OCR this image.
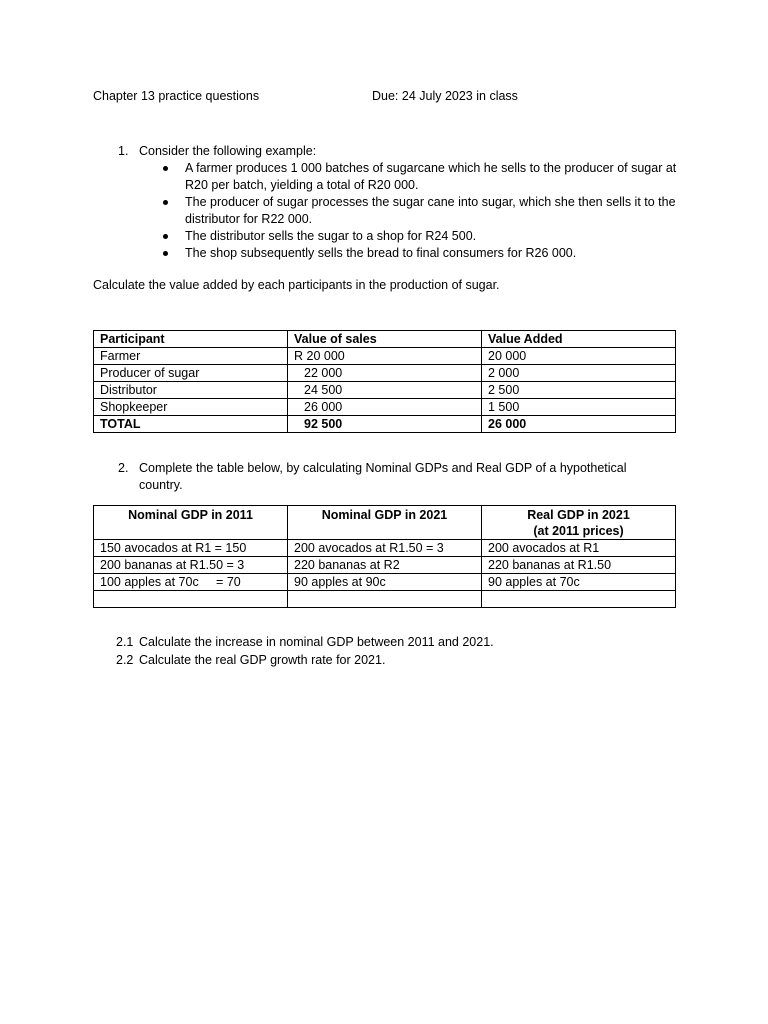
Chapter 13 practice questions	Due: 24 July 2023 in class
1. Consider the following example:
A farmer produces 1 000 batches of sugarcane which he sells to the producer of sugar at R20 per batch, yielding a total of R20 000.
The producer of sugar processes the sugar cane into sugar, which she then sells it to the distributor for R22 000.
The distributor sells the sugar to a shop for R24 500.
The shop subsequently sells the bread to final consumers for R26 000.
Calculate the value added by each participants in the production of sugar.
Participant	Value of sales	Value Added
Farmer	R 20 000	20 000
Producer of sugar	22 000	2 000
Distributor	24 500	2 500
Shopkeeper	26 000	1 500
TOTAL	92 500	26 000
2. Complete the table below, by calculating Nominal GDPs and Real GDP of a hypothetical country.
Nominal GDP in 2011	Nominal GDP in 2021	Real GDP in 2021
(at 2011 prices)

150 avocados at R1 = 150	200 avocados at R1.50 = 3	200 avocados at R1
200 bananas at R1.50 = 3	220 bananas at R2	220 bananas at R1.50
100 apples at 70c     = 70	90 apples at 90c	90 apples at 70c

2.1 Calculate the increase in nominal GDP between 2011 and 2021.
2.2 Calculate the real GDP growth rate for 2021.
